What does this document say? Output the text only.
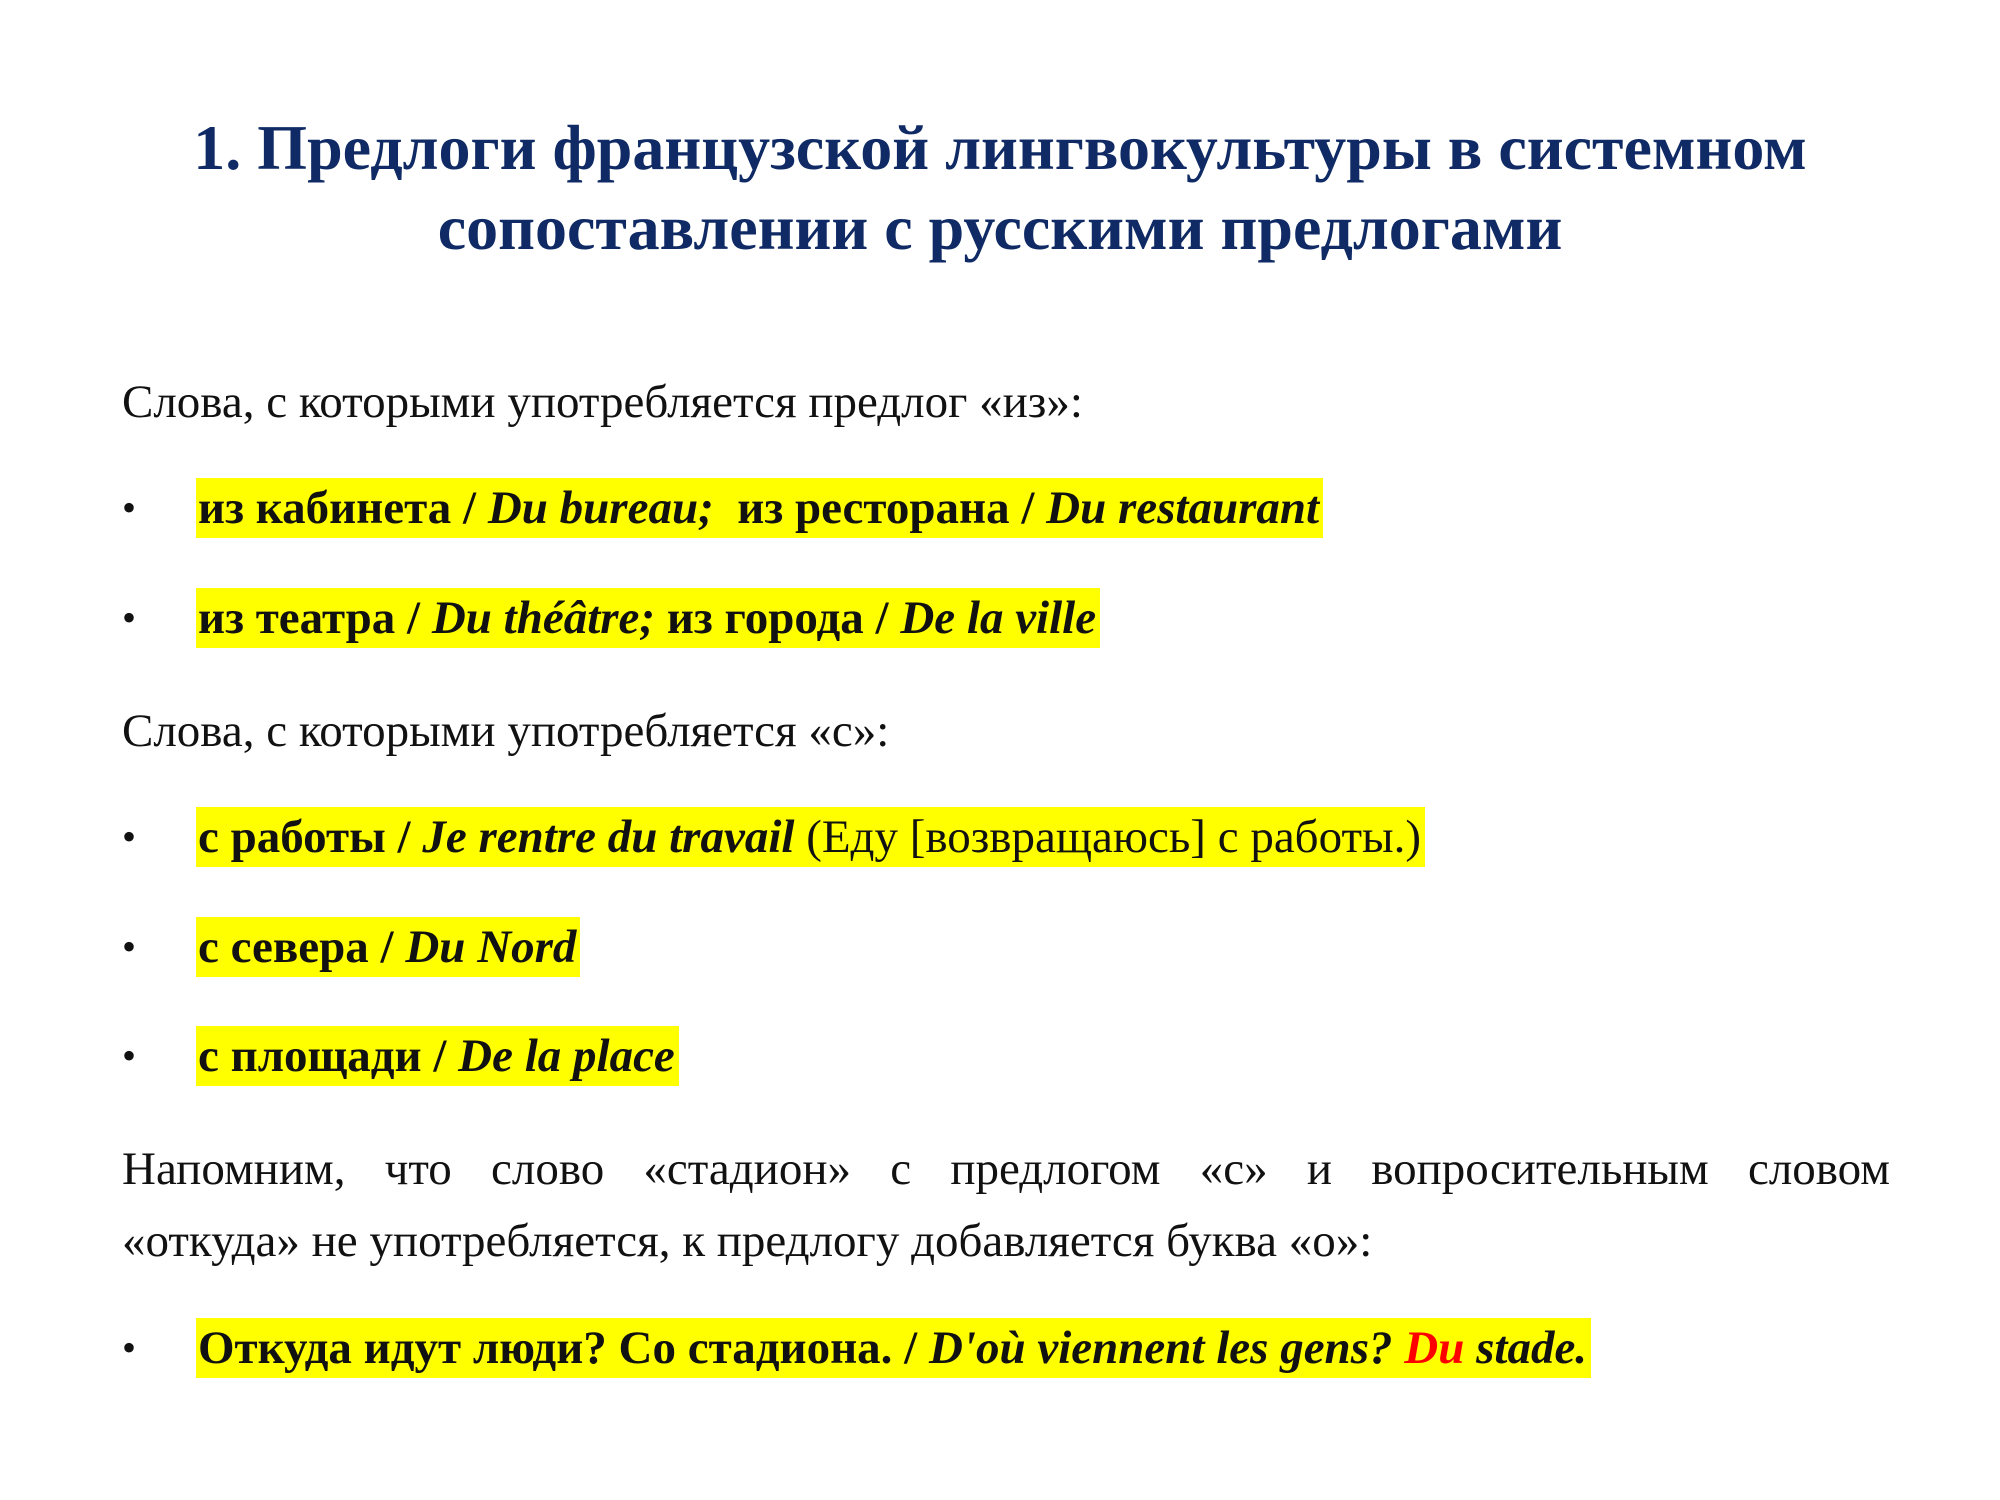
1. Предлоги французской лингвокультуры в системном
сопоставлении с русскими предлогами
Слова, с которыми употребляется предлог «из»:
•	из кабинета / Du bureau;  из ресторана / Du restaurant
•	из театра / Du théâtre; из города / De la ville
Слова, с которыми употребляется «с»:
•	с работы / Je rentre du travail (Еду [возвращаюсь] с работы.)
•	с севера / Du Nord
•	с площади / De la place
Напомним, что слово «стадион» с предлогом «с» и вопросительным словом
«откуда» не употребляется, к предлогу добавляется буква «о»:
•	Откуда идут люди? Со стадиона. / D'où viennent les gens? Du stade.
